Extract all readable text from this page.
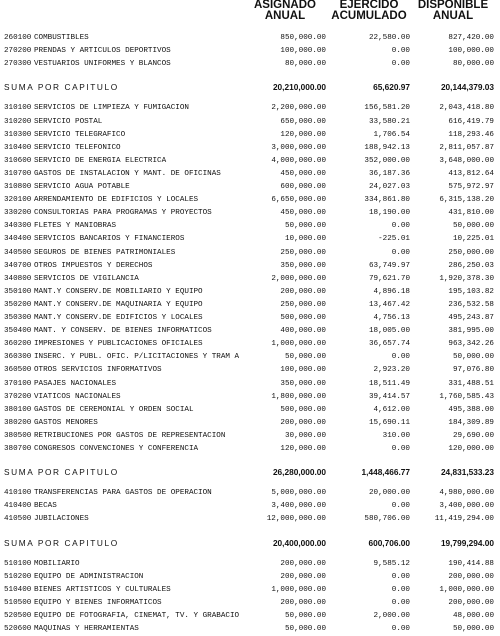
ASIGNADO
ANUAL
EJERCIDO
ACUMULADO
DISPONIBLE
ANUAL
260100 COMBUSTIBLES	850,000.00	22,580.00	827,420.00
270200 PRENDAS Y ARTICULOS DEPORTIVOS	100,000.00	0.00	100,000.00
270300 VESTUARIOS UNIFORMES Y BLANCOS	80,000.00	0.00	80,000.00
SUMA POR CAPITULO	20,210,000.00	65,620.97	20,144,379.03
310100 SERVICIOS DE LIMPIEZA Y FUMIGACION	2,200,000.00	156,581.20	2,043,418.80
310200 SERVICIO POSTAL	650,000.00	33,580.21	616,419.79
310300 SERVICIO TELEGRAFICO	120,000.00	1,706.54	118,293.46
310400 SERVICIO TELEFONICO	3,000,000.00	188,942.13	2,811,057.87
310600 SERVICIO DE ENERGIA ELECTRICA	4,000,000.00	352,000.00	3,648,000.00
310700 GASTOS DE INSTALACION Y MANT. DE OFICINAS	450,000.00	36,187.36	413,812.64
310800 SERVICIO AGUA POTABLE	600,000.00	24,027.03	575,972.97
320100 ARRENDAMIENTO DE EDIFICIOS Y LOCALES	6,650,000.00	334,861.80	6,315,138.20
330200 CONSULTORIAS PARA PROGRAMAS Y PROYECTOS	450,000.00	18,190.00	431,810.00
340300 FLETES Y MANIOBRAS	50,000.00	0.00	50,000.00
340400 SERVICIOS BANCARIOS Y FINANCIEROS	10,000.00	-225.01	10,225.01
340500 SEGUROS DE BIENES PATRIMONIALES	250,000.00	0.00	250,000.00
340700 OTROS IMPUESTOS Y DERECHOS	350,000.00	63,749.97	286,250.03
340800 SERVICIOS DE VIGILANCIA	2,000,000.00	79,621.70	1,920,378.30
350100 MANT.Y CONSERV.DE MOBILIARIO Y EQUIPO	200,000.00	4,896.18	195,103.82
350200 MANT.Y CONSERV.DE MAQUINARIA Y EQUIPO	250,000.00	13,467.42	236,532.58
350300 MANT.Y CONSERV.DE EDIFICIOS Y LOCALES	500,000.00	4,756.13	495,243.87
350400 MANT. Y CONSERV. DE BIENES INFORMATICOS	400,000.00	18,005.00	381,995.00
360200 IMPRESIONES Y PUBLICACIONES OFICIALES	1,000,000.00	36,657.74	963,342.26
360300 INSERC. Y PUBL. OFIC. P/LICITACIONES Y TRAM A	50,000.00	0.00	50,000.00
360500 OTROS SERVICIOS INFORMATIVOS	100,000.00	2,923.20	97,076.80
370100 PASAJES NACIONALES	350,000.00	18,511.49	331,488.51
370200 VIATICOS NACIONALES	1,800,000.00	39,414.57	1,760,585.43
380100 GASTOS DE CEREMONIAL Y ORDEN SOCIAL	500,000.00	4,612.00	495,388.00
380200 GASTOS MENORES	200,000.00	15,690.11	184,309.89
380500 RETRIBUCIONES POR GASTOS DE REPRESENTACION	30,000.00	310.00	29,690.00
380700 CONGRESOS CONVENCIONES Y CONFERENCIA	120,000.00	0.00	120,000.00
SUMA POR CAPITULO	26,280,000.00	1,448,466.77	24,831,533.23
410100 TRANSFERENCIAS PARA GASTOS DE OPERACION	5,000,000.00	20,000.00	4,980,000.00
410400 BECAS	3,400,000.00	0.00	3,400,000.00
410500 JUBILACIONES	12,000,000.00	580,706.00	11,419,294.00
SUMA POR CAPITULO	20,400,000.00	600,706.00	19,799,294.00
510100 MOBILIARIO	200,000.00	9,585.12	190,414.88
510200 EQUIPO DE ADMINISTRACION	200,000.00	0.00	200,000.00
510400 BIENES ARTISTICOS Y CULTURALES	1,000,000.00	0.00	1,000,000.00
510500 EQUIPO Y BIENES INFORMATICOS	200,000.00	0.00	200,000.00
520500 EQUIPO DE FOTOGRAFIA, CINEMAT, TV. Y GRABACIO	50,000.00	2,000.00	48,000.00
520600 MAQUINAS Y HERRAMIENTAS	50,000.00	0.00	50,000.00
